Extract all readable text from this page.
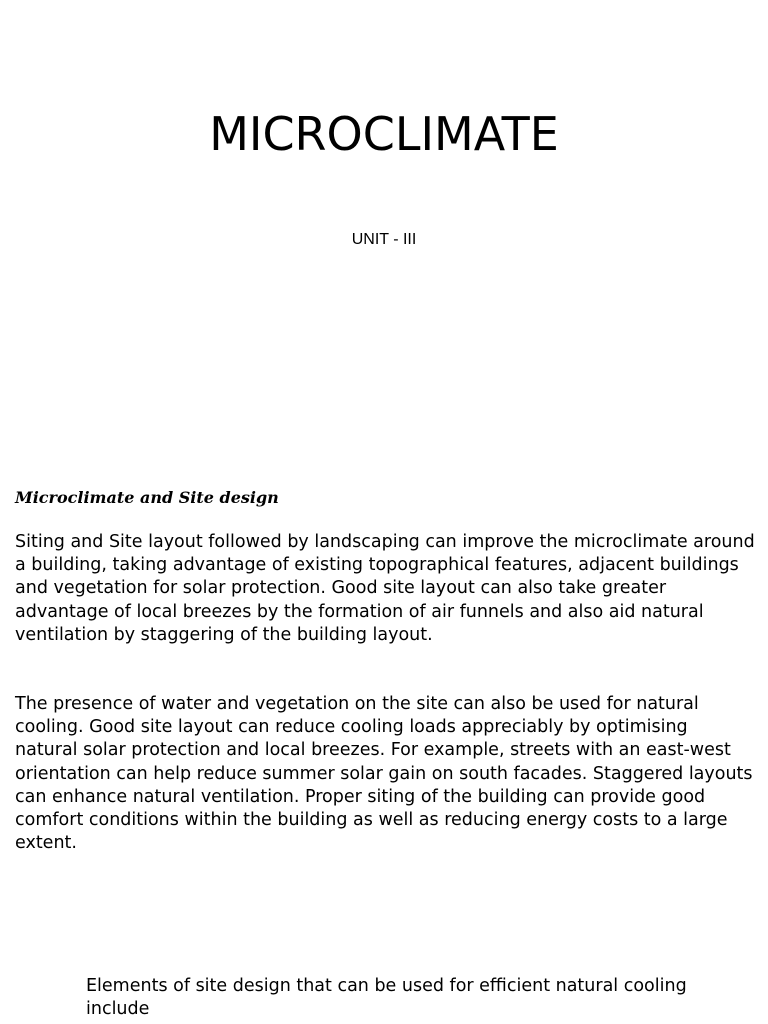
MICROCLIMATE
UNIT - III
Microclimate and Site design

Siting and Site layout followed by landscaping can improve the microclimate around a building, taking advantage of existing topographical features, adjacent buildings and vegetation for solar protection. Good site layout can also take greater advantage of local breezes by the formation of air funnels and also aid natural ventilation by staggering of the building layout.

The presence of water and vegetation on the site can also be used for natural cooling. Good site layout can reduce cooling loads appreciably by optimising natural solar protection and local breezes. For example, streets with an east-west orientation can help reduce summer solar gain on south facades. Staggered layouts can enhance natural ventilation. Proper siting of the building can provide good comfort conditions within the building as well as reducing energy costs to a large extent.

Elements of site design that can be used for efficient natural cooling include
